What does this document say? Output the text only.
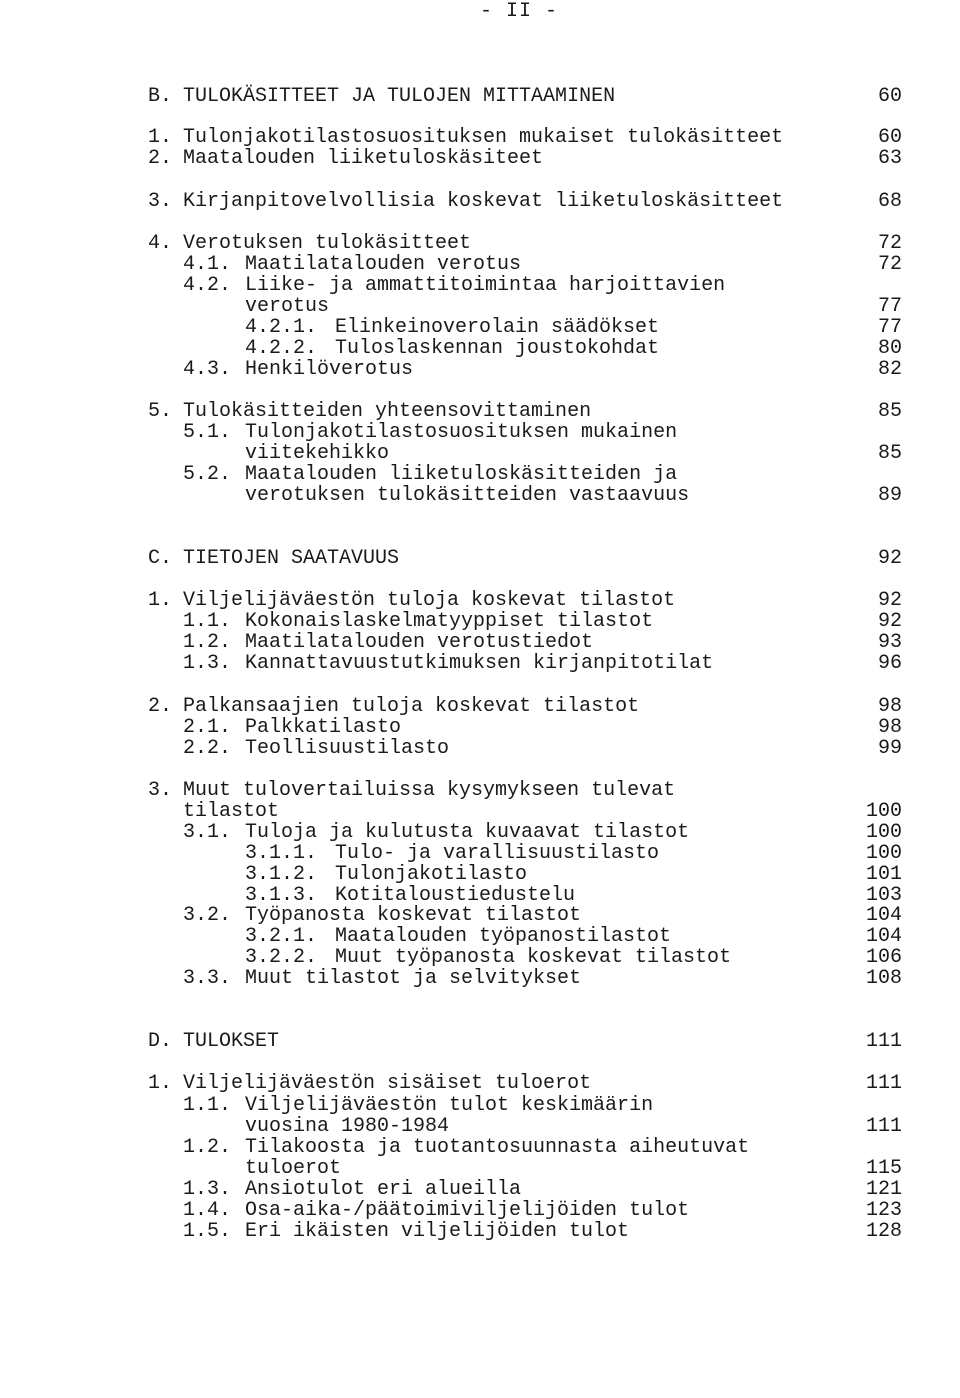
- II -
B. TULOKÄSITTEET JA TULOJEN MITTAAMINEN	60
1. Tulonjakotilastosuosituksen mukaiset tulokäsitteet	60
2. Maatalouden liiketuloskäsiteet	63
3. Kirjanpitovelvollisia koskevat liiketuloskäsitteet	68
4. Verotuksen tulokäsitteet	72
4.1. Maatilatalouden verotus	72
4.2. Liike- ja ammattitoimintaa harjoittavien
verotus	77
4.2.1. Elinkeinoverolain säädökset	77
4.2.2. Tuloslaskennan joustokohdat	80
4.3. Henkilöverotus	82
5. Tulokäsitteiden yhteensovittaminen	85
5.1. Tulonjakotilastosuosituksen mukainen
viitekehikko	85
5.2. Maatalouden liiketuloskäsitteiden ja
verotuksen tulokäsitteiden vastaavuus	89
C. TIETOJEN SAATAVUUS	92
1. Viljelijäväestön tuloja koskevat tilastot	92
1.1. Kokonaislaskelmatyyppiset tilastot	92
1.2. Maatilatalouden verotustiedot	93
1.3. Kannattavuustutkimuksen kirjanpitotilat	96
2. Palkansaajien tuloja koskevat tilastot	98
2.1. Palkkatilasto	98
2.2. Teollisuustilasto	99
3. Muut tulovertailuissa kysymykseen tulevat
tilastot	100
3.1. Tuloja ja kulutusta kuvaavat tilastot	100
3.1.1. Tulo- ja varallisuustilasto	100
3.1.2. Tulonjakotilasto	101
3.1.3. Kotitaloustiedustelu	103
3.2. Työpanosta koskevat tilastot	104
3.2.1. Maatalouden työpanostilastot	104
3.2.2. Muut työpanosta koskevat tilastot	106
3.3. Muut tilastot ja selvitykset	108
D. TULOKSET	111
1. Viljelijäväestön sisäiset tuloerot	111
1.1. Viljelijäväestön tulot keskimäärin
vuosina 1980-1984	111
1.2. Tilakoosta ja tuotantosuunnasta aiheutuvat
tuloerot	115
1.3. Ansiotulot eri alueilla	121
1.4. Osa-aika-/päätoimiviljelijöiden tulot	123
1.5. Eri ikäisten viljelijöiden tulot	128
